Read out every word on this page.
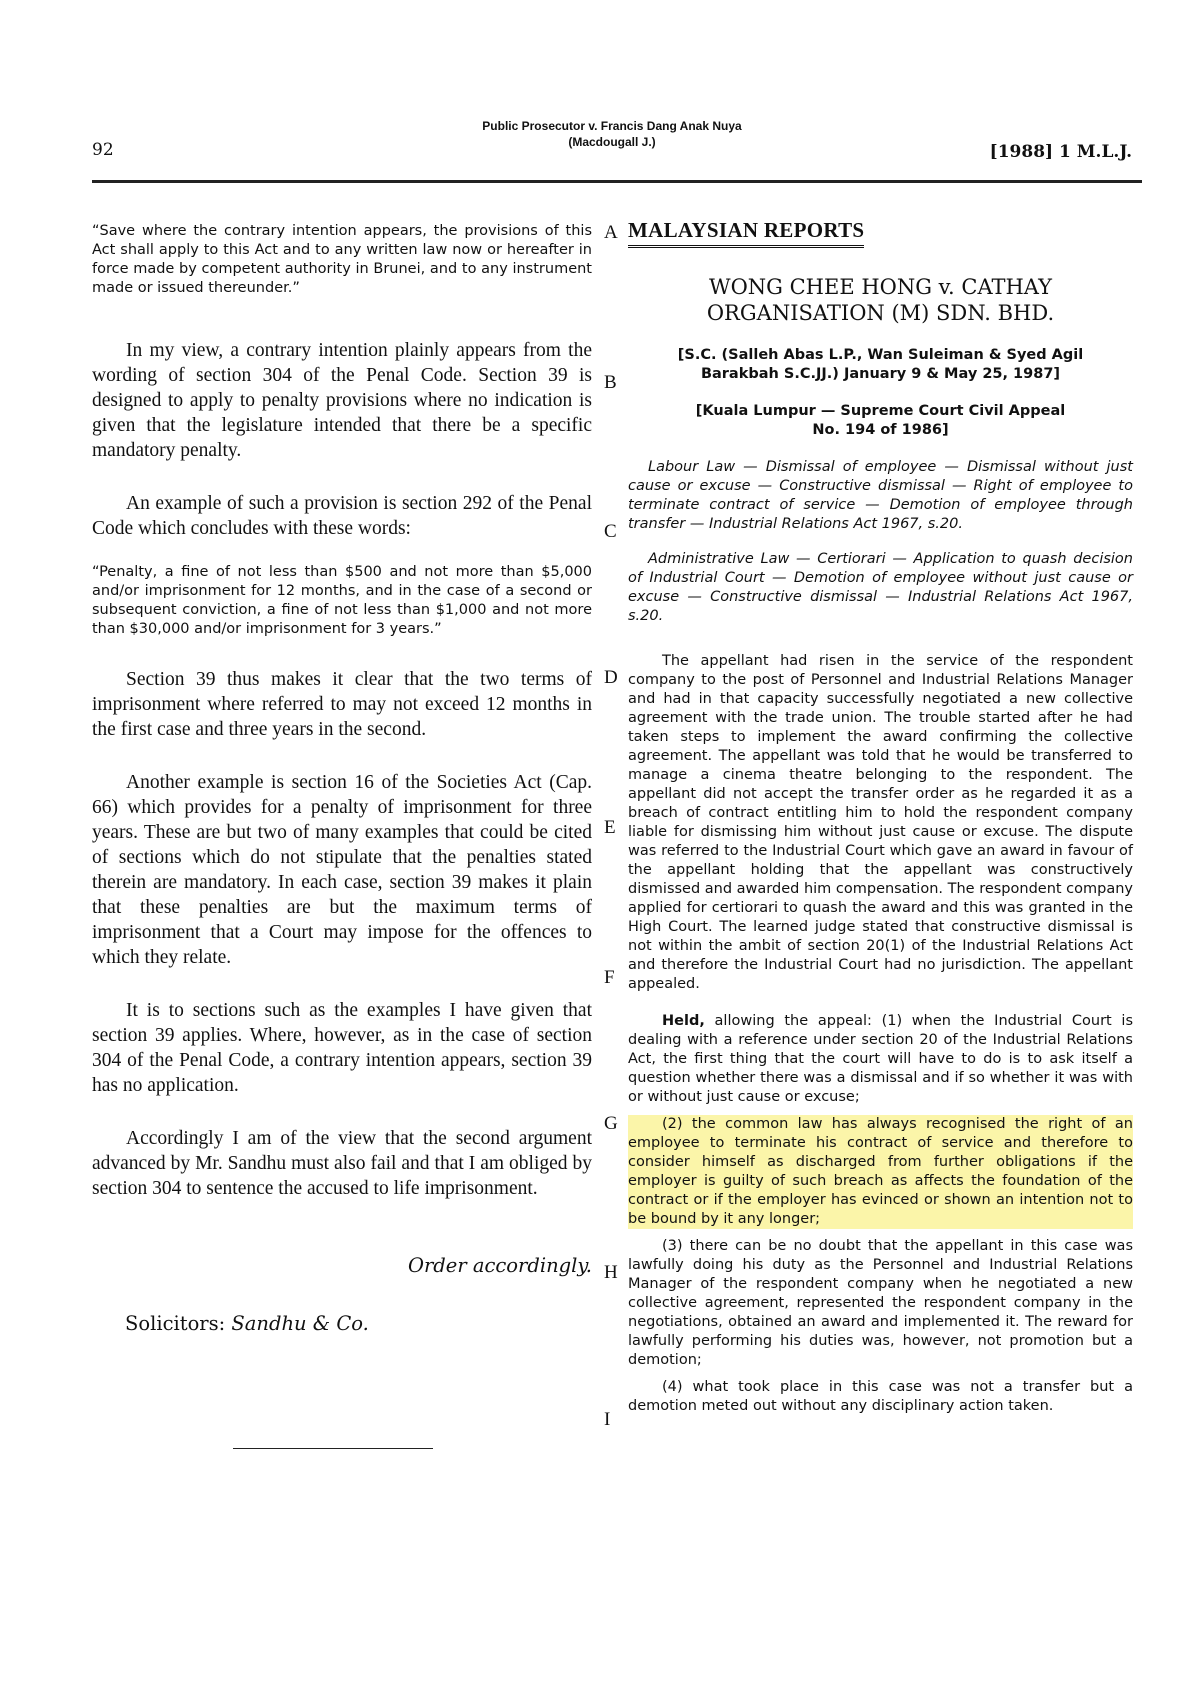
92
Public Prosecutor v. Francis Dang Anak Nuya
(Macdougall J.)	[1988] 1 M.L.J.

“Save where the contrary intention appears, the provisions of this Act shall apply to this Act and to any written law now or hereafter in force made by competent authority in Brunei, and to any instrument made or issued thereunder.”

In my view, a contrary intention plainly appears from the wording of section 304 of the Penal Code. Section 39 is designed to apply to penalty provisions where no indication is given that the legislature intended that there be a specific mandatory penalty.

An example of such a provision is section 292 of the Penal Code which concludes with these words:

“Penalty, a fine of not less than $500 and not more than $5,000 and/or imprisonment for 12 months, and in the case of a second or subsequent conviction, a fine of not less than $1,000 and not more than $30,000 and/or imprisonment for 3 years.”

Section 39 thus makes it clear that the two terms of imprisonment where referred to may not exceed 12 months in the first case and three years in the second.

Another example is section 16 of the Societies Act (Cap. 66) which provides for a penalty of imprisonment for three years. These are but two of many examples that could be cited of sections which do not stipulate that the penalties stated therein are mandatory. In each case, section 39 makes it plain that these penalties are but the maximum terms of imprisonment that a Court may impose for the offences to which they relate.

It is to sections such as the examples I have given that section 39 applies. Where, however, as in the case of section 304 of the Penal Code, a contrary intention appears, section 39 has no application.

Accordingly I am of the view that the second argument advanced by Mr. Sandhu must also fail and that I am obliged by section 304 to sentence the accused to life imprisonment.

Order accordingly.
Solicitors: Sandhu & Co.
A
B
C
D
E
F
G
H
I
MALAYSIAN REPORTS
WONG CHEE HONG v. CATHAY
ORGANISATION (M) SDN. BHD.

[S.C. (Salleh Abas L.P., Wan Suleiman & Syed Agil
Barakbah S.C.JJ.) January 9 & May 25, 1987]

[Kuala Lumpur — Supreme Court Civil Appeal
No. 194 of 1986]

Labour Law — Dismissal of employee — Dismissal without just cause or excuse — Constructive dismissal — Right of employee to terminate contract of service — Demotion of employee through transfer — Industrial Relations Act 1967, s.20.

Administrative Law — Certiorari — Application to quash decision of Industrial Court — Demotion of employee without just cause or excuse — Constructive dismissal — Industrial Relations Act 1967, s.20.

The appellant had risen in the service of the respondent company to the post of Personnel and Industrial Relations Manager and had in that capacity successfully negotiated a new collective agreement with the trade union. The trouble started after he had taken steps to implement the award confirming the collective agreement. The appellant was told that he would be transferred to manage a cinema theatre belonging to the respondent. The appellant did not accept the transfer order as he regarded it as a breach of contract entitling him to hold the respondent company liable for dismissing him without just cause or excuse. The dispute was referred to the Industrial Court which gave an award in favour of the appellant holding that the appellant was constructively dismissed and awarded him compensation. The respondent company applied for certiorari to quash the award and this was granted in the High Court. The learned judge stated that constructive dismissal is not within the ambit of section 20(1) of the Industrial Relations Act and therefore the Industrial Court had no jurisdiction. The appellant appealed.

Held, allowing the appeal: (1) when the Industrial Court is dealing with a reference under section 20 of the Industrial Relations Act, the first thing that the court will have to do is to ask itself a question whether there was a dismissal and if so whether it was with or without just cause or excuse;

(2) the common law has always recognised the right of an employee to terminate his contract of service and therefore to consider himself as discharged from further obligations if the employer is guilty of such breach as affects the foundation of the contract or if the employer has evinced or shown an intention not to be bound by it any longer;

(3) there can be no doubt that the appellant in this case was lawfully doing his duty as the Personnel and Industrial Relations Manager of the respondent company when he negotiated a new collective agreement, represented the respondent company in the negotiations, obtained an award and implemented it. The reward for lawfully performing his duties was, however, not promotion but a demotion;

(4) what took place in this case was not a transfer but a demotion meted out without any disciplinary action taken.
